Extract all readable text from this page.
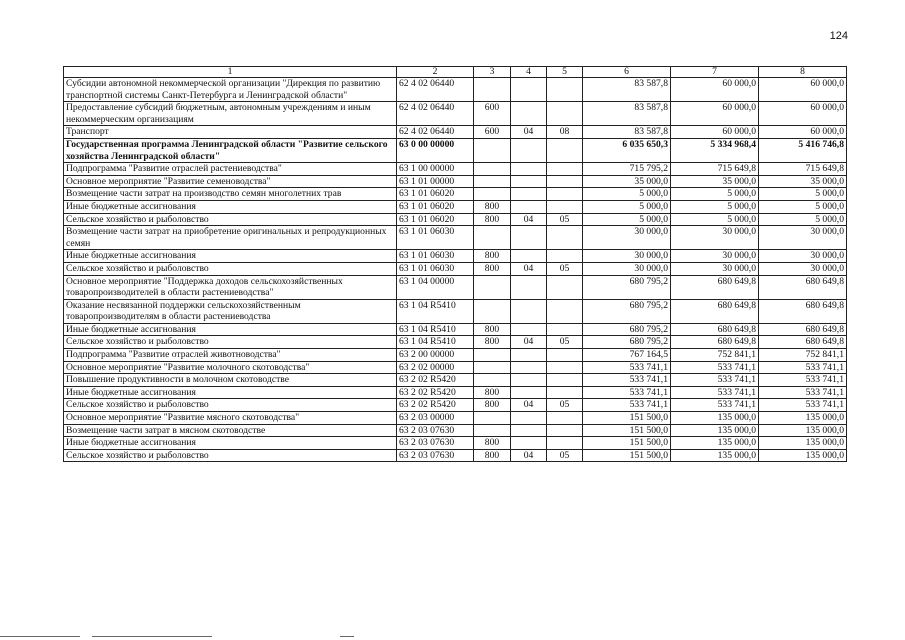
124
1	2	3	4	5	6	7	8
Субсидии автономной некоммерческой организации "Дирекция по развитию транспортной системы Санкт-Петербурга и Ленинградской области"	62 4 02 06440				83 587,8	60 000,0	60 000,0
Предоставление субсидий бюджетным, автономным учреждениям и иным некоммерческим организациям	62 4 02 06440	600			83 587,8	60 000,0	60 000,0
Транспорт	62 4 02 06440	600	04	08	83 587,8	60 000,0	60 000,0
Государственная программа Ленинградской области "Развитие сельского хозяйства Ленинградской области"	63 0 00 00000				6 035 650,3	5 334 968,4	5 416 746,8
Подпрограмма "Развитие отраслей растениеводства"	63 1 00 00000				715 795,2	715 649,8	715 649,8
Основное мероприятие "Развитие семеноводства"	63 1 01 00000				35 000,0	35 000,0	35 000,0
Возмещение части затрат на производство семян многолетних трав	63 1 01 06020				5 000,0	5 000,0	5 000,0
Иные бюджетные ассигнования	63 1 01 06020	800			5 000,0	5 000,0	5 000,0
Сельское хозяйство и рыболовство	63 1 01 06020	800	04	05	5 000,0	5 000,0	5 000,0
Возмещение части затрат на приобретение оригинальных и репродукционных семян	63 1 01 06030				30 000,0	30 000,0	30 000,0
Иные бюджетные ассигнования	63 1 01 06030	800			30 000,0	30 000,0	30 000,0
Сельское хозяйство и рыболовство	63 1 01 06030	800	04	05	30 000,0	30 000,0	30 000,0
Основное мероприятие "Поддержка доходов сельскохозяйственных товаропроизводителей в области растениеводства"	63 1 04 00000				680 795,2	680 649,8	680 649,8
Оказание несвязанной поддержки сельскохозяйственным товаропроизводителям в области растениеводства	63 1 04 R5410				680 795,2	680 649,8	680 649,8
Иные бюджетные ассигнования	63 1 04 R5410	800			680 795,2	680 649,8	680 649,8
Сельское хозяйство и рыболовство	63 1 04 R5410	800	04	05	680 795,2	680 649,8	680 649,8
Подпрограмма "Развитие отраслей животноводства"	63 2 00 00000				767 164,5	752 841,1	752 841,1
Основное мероприятие "Развитие молочного скотоводства"	63 2 02 00000				533 741,1	533 741,1	533 741,1
Повышение продуктивности в молочном скотоводстве	63 2 02 R5420				533 741,1	533 741,1	533 741,1
Иные бюджетные ассигнования	63 2 02 R5420	800			533 741,1	533 741,1	533 741,1
Сельское хозяйство и рыболовство	63 2 02 R5420	800	04	05	533 741,1	533 741,1	533 741,1
Основное мероприятие "Развитие мясного скотоводства"	63 2 03 00000				151 500,0	135 000,0	135 000,0
Возмещение части затрат в мясном скотоводстве	63 2 03 07630				151 500,0	135 000,0	135 000,0
Иные бюджетные ассигнования	63 2 03 07630	800			151 500,0	135 000,0	135 000,0
Сельское хозяйство и рыболовство	63 2 03 07630	800	04	05	151 500,0	135 000,0	135 000,0
